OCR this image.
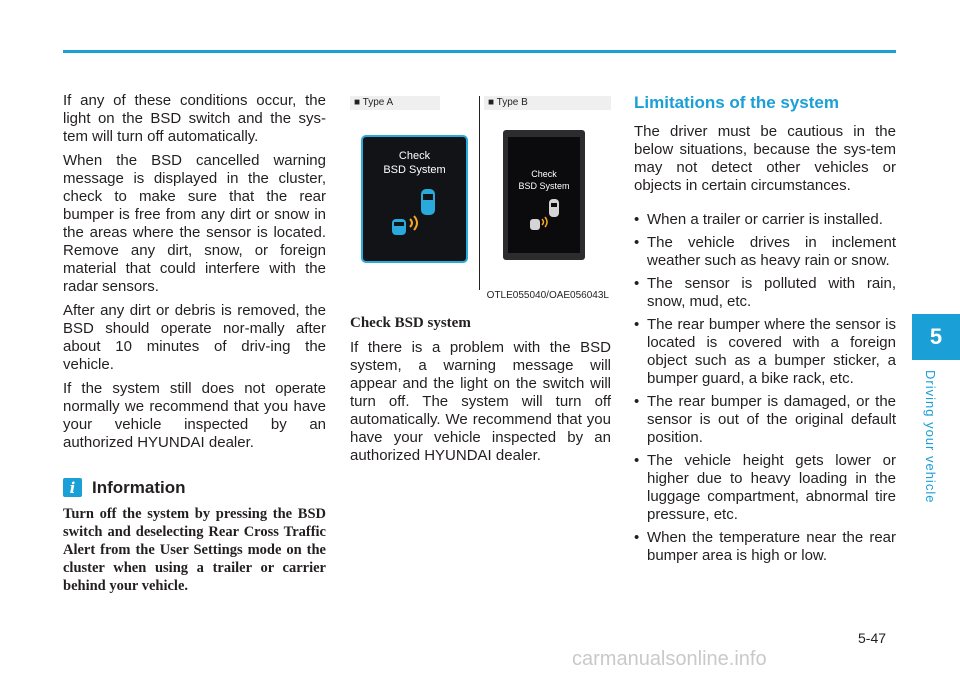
If any of these conditions occur, the light on the BSD switch and the sys-tem will turn off automatically.

When the BSD cancelled warning message is displayed in the cluster, check to make sure that the rear bumper is free from any dirt or snow in the areas where the sensor is located. Remove any dirt, snow, or foreign material that could interfere with the radar sensors.

After any dirt or debris is removed, the BSD should operate nor-mally after about 10 minutes of driv-ing the vehicle.

If the system still does not operate normally we recommend that you have your vehicle inspected by an authorized HYUNDAI dealer.

i Information
Turn off the system by pressing the BSD switch and deselecting Rear Cross Traffic Alert from the User Settings mode on the cluster when using a trailer or carrier behind your vehicle.
■ Type A	■ Type B
Check
BSD System	Check
BSD System
OTLE055040/OAE056043L
Check BSD system

If there is a problem with the BSD system, a warning message will appear and the light on the switch will turn off. The system will turn off automatically. We recommend that you have your vehicle inspected by an authorized HYUNDAI dealer.

Limitations of the system

The driver must be cautious in the below situations, because the sys-tem may not detect other vehicles or objects in certain circumstances.

• When a trailer or carrier is installed.
• The vehicle drives in inclement weather such as heavy rain or snow.
• The sensor is polluted with rain, snow, mud, etc.
• The rear bumper where the sensor is located is covered with a foreign object such as a bumper sticker, a bumper guard, a bike rack, etc.
• The rear bumper is damaged, or the sensor is out of the original default position.
• The vehicle height gets lower or higher due to heavy loading in the luggage compartment, abnormal tire pressure, etc.
• When the temperature near the rear bumper area is high or low.
5
Driving your vehicle
5-47
carmanualsonline.info
